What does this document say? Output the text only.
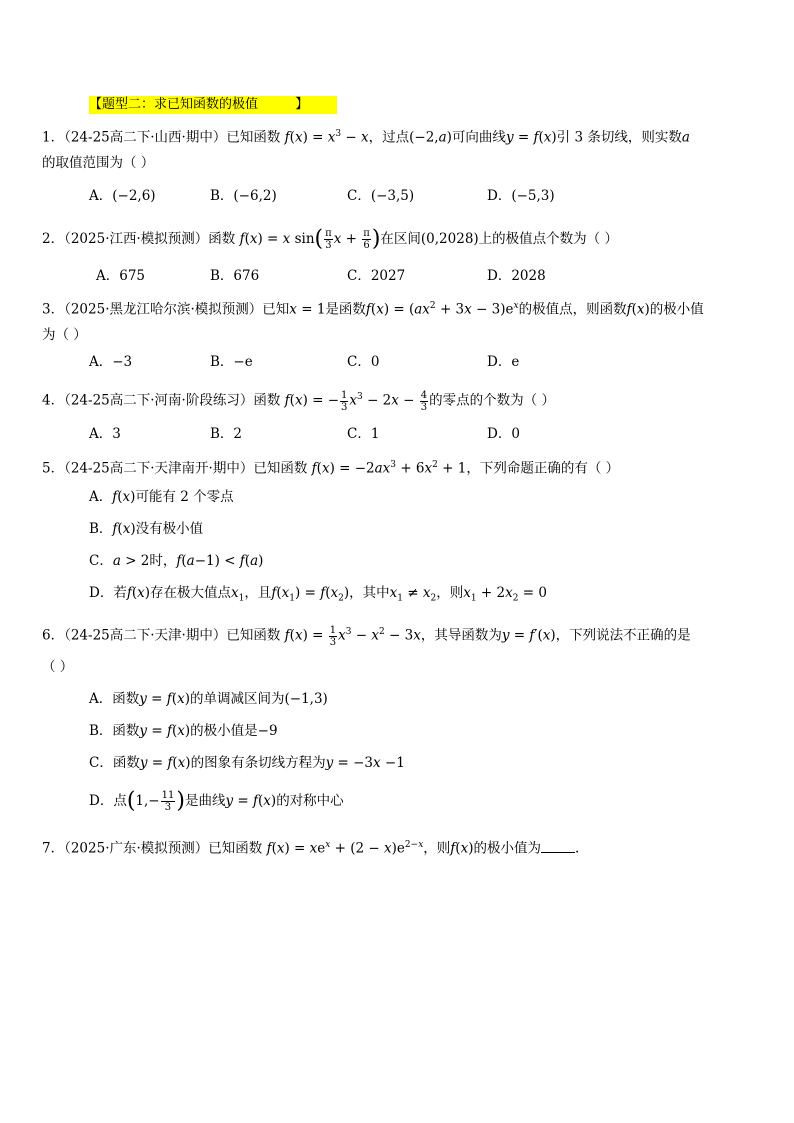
【题型二：求已知函数的极值         】
1．（24-25高二下·山西·期中）已知函数 $f(x) = x^3 - x$，过点(−2,a)可向曲线y = f(x)引 3 条切线，则实数a
的取值范围为（ ）
A．(−2,6)	B．(−6,2)	C．(−3,5)	D．(−5,3)
2．（2025·江西·模拟预测）函数 f(x) = x $\sin( \frac{\pi}{3}$ $x + \frac{\pi}{6}$ )在区间(0,2028)上的极值点个数为（ ）
A．675	B．676	C．2027	D．2028
3．（2025·黑龙江哈尔滨·模拟预测）已知x = 1是函数$f(x) = (ax^2 + 3x - 3)e^x$的极值点，则函数f(x)的极小值
为（ ）
A．−3	B．−e	C．0	D．e
4．（24-25高二下·河南·阶段练习）函数 f(x) = − $\frac{1}{3} x^3 - 2x - \frac{4}{3}$ 的零点的个数为（ ）
A．3	B．2	C．1	D．0
5．（24-25高二下·天津南开·期中）已知函数 $f(x) = -2ax^3 + 6x^2 + 1$，下列命题正确的有（ ）
A．f(x)可能有 2 个零点
B．f(x)没有极小值
C．a > 2时，f(a−1) < f(a)
D．若f(x)存在极大值点$x_1$，且$f(x_1) = f(x_2)$，其中$x_1 \ne x_2$，则$x_1 + 2x_2 = 0$
6．（24-25高二下·天津·期中）已知函数 $f(x) = \frac{1}{3} x^3 - x^2 - 3x$，其导函数为y = f′(x)，下列说法不正确的是
（ ）
A．函数y = f(x)的单调减区间为(−1,3)
B．函数y = f(x)的极小值是−9
C．函数y = f(x)的图象有条切线方程为y = −3x −1
D．点($1,- \frac{11}{3}$ )是曲线y = f(x)的对称中心
7．（2025·广东·模拟预测）已知函数 $f(x) = xe^x + (2 - x)e^{2-x}$，则f(x)的极小值为	.
